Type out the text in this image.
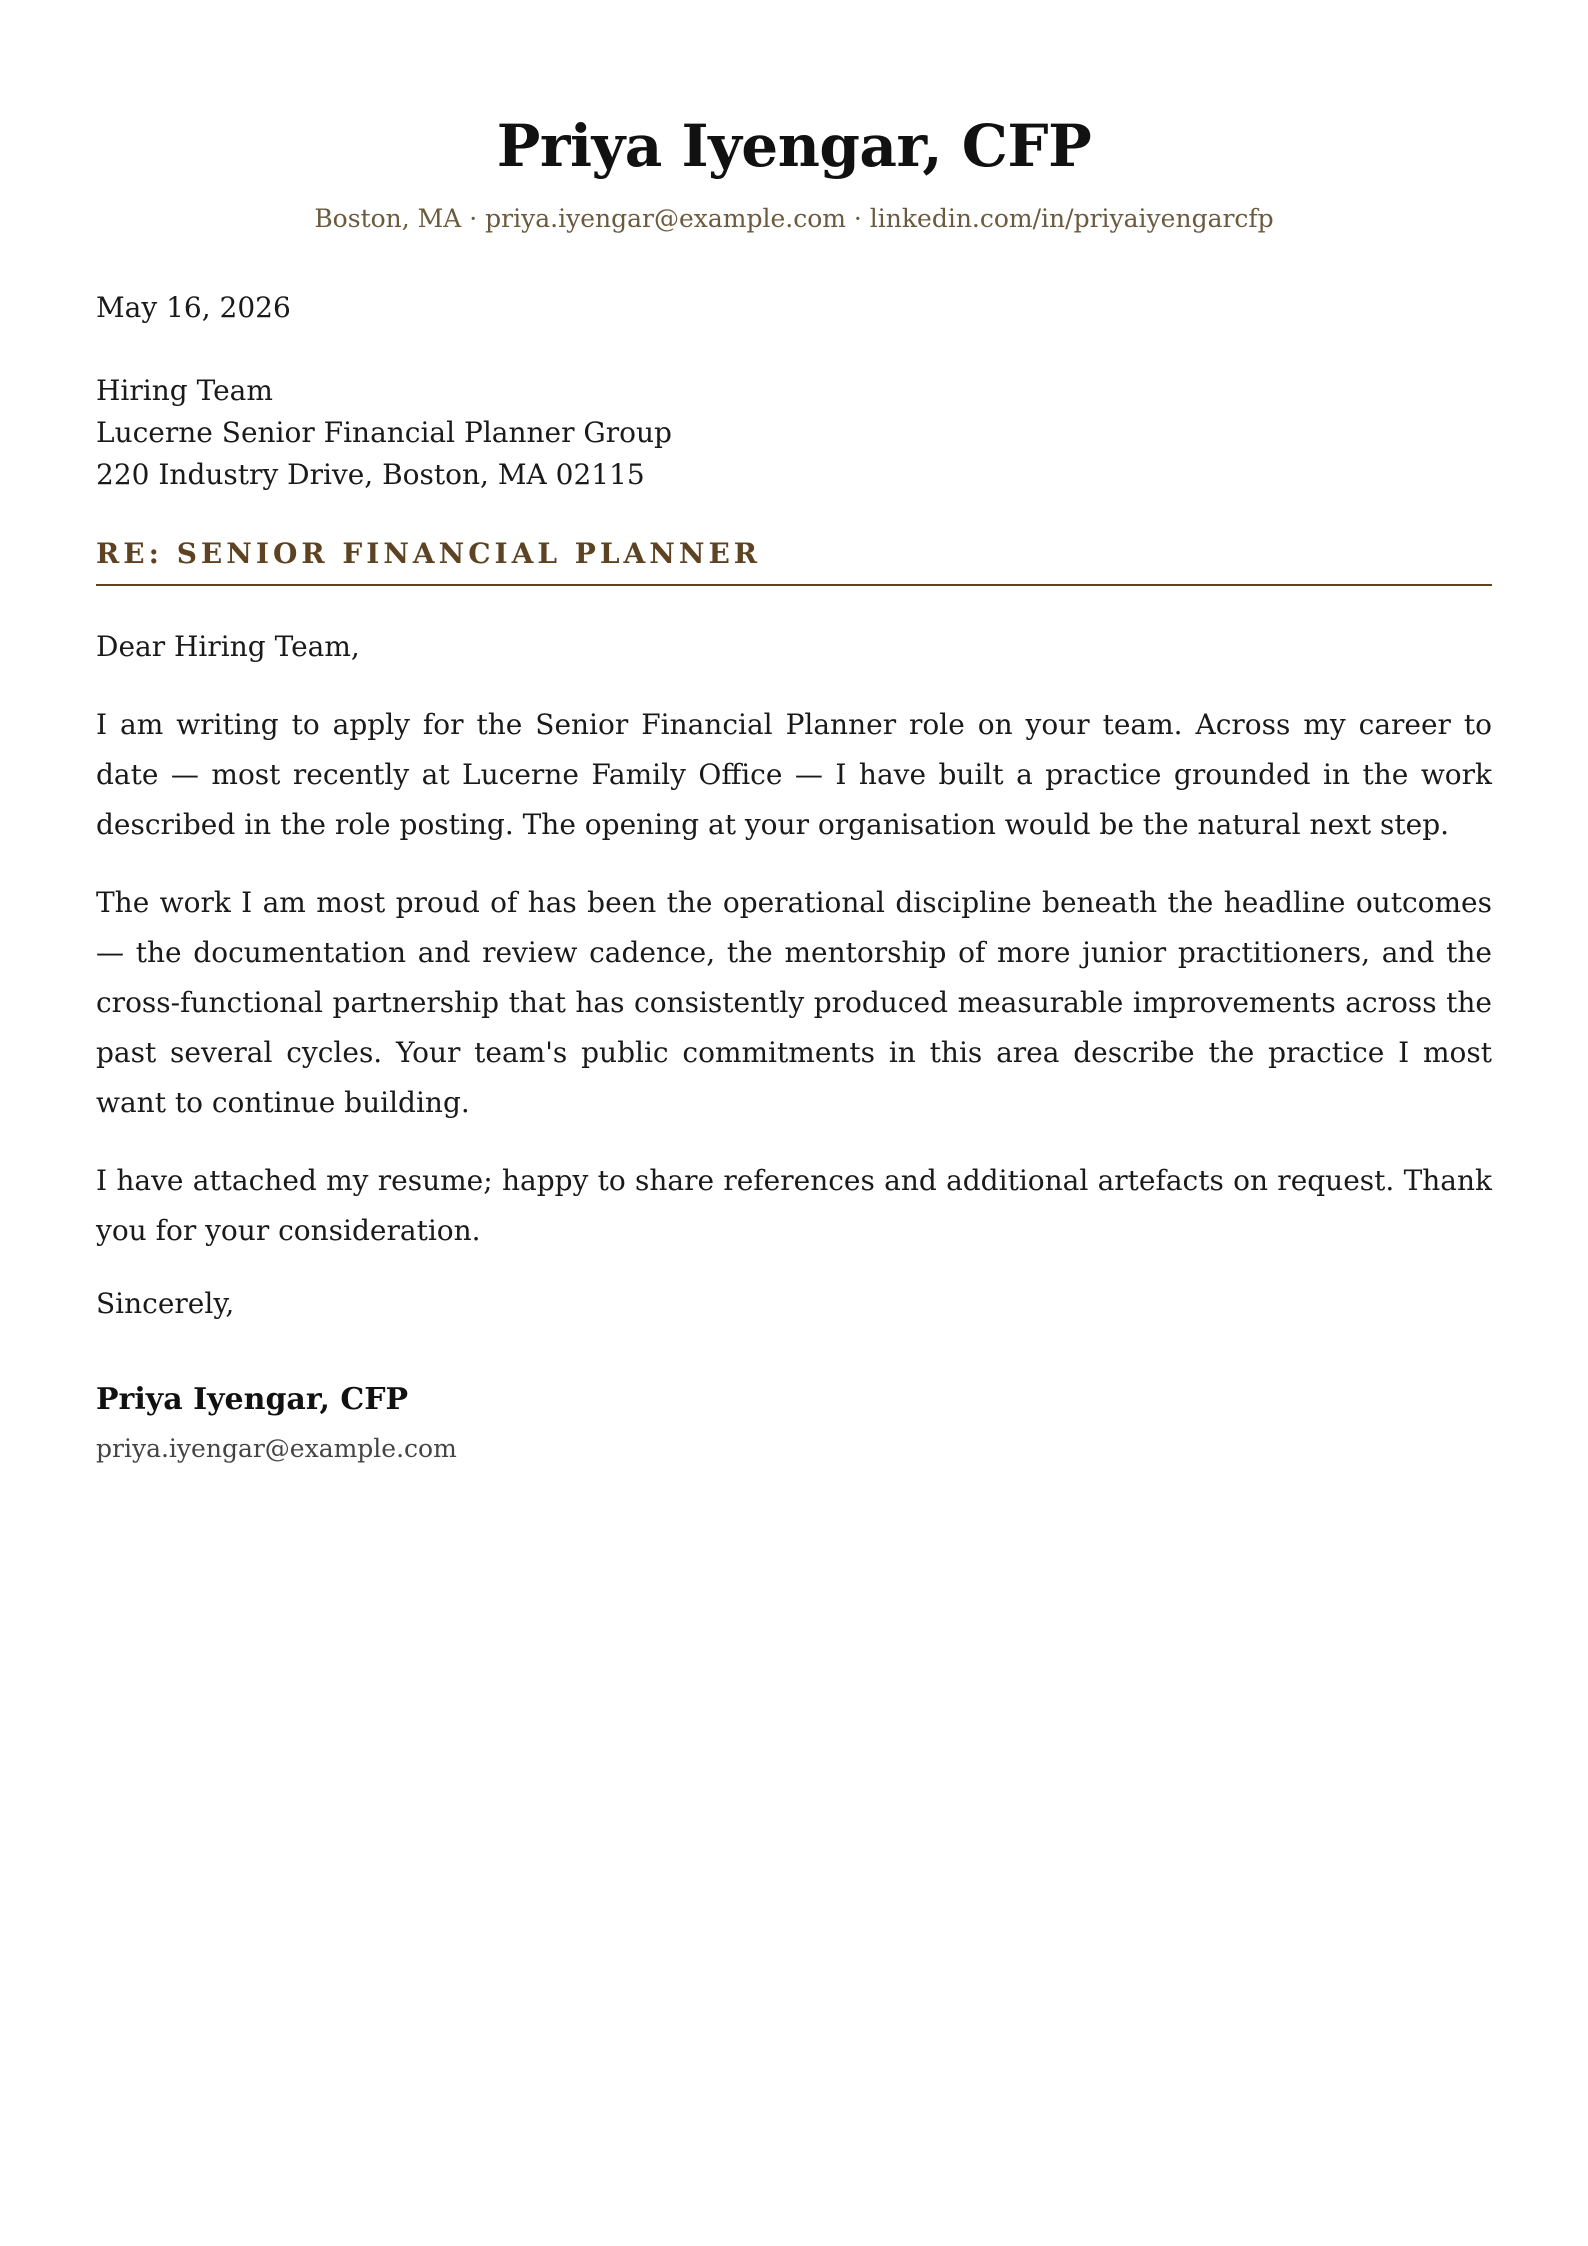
Priya Iyengar, CFP
Boston, MA · priya.iyengar@example.com · linkedin.com/in/priyaiyengarcfp
May 16, 2026
Hiring Team
Lucerne Senior Financial Planner Group
220 Industry Drive, Boston, MA 02115
RE: SENIOR FINANCIAL PLANNER
Dear Hiring Team,

I am writing to apply for the Senior Financial Planner role on your team. Across my career to date — most recently at Lucerne Family Office — I have built a practice grounded in the work described in the role posting. The opening at your organisation would be the natural next step.

The work I am most proud of has been the operational discipline beneath the headline outcomes — the documentation and review cadence, the mentorship of more junior practitioners, and the cross-functional partnership that has consistently produced measurable improvements across the past several cycles. Your team's public commitments in this area describe the practice I most want to continue building.

I have attached my resume; happy to share references and additional artefacts on request. Thank you for your consideration.

Sincerely,
Priya Iyengar, CFP
priya.iyengar@example.com
